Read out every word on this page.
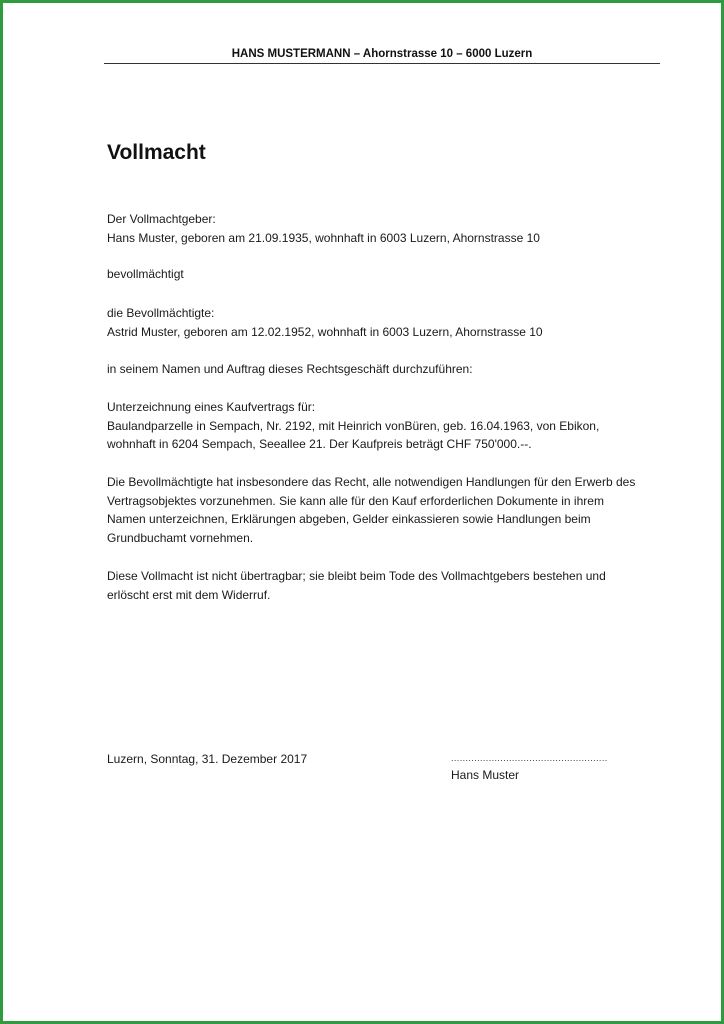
HANS MUSTERMANN – Ahornstrasse 10 – 6000 Luzern
Vollmacht
Der Vollmachtgeber:
Hans Muster, geboren am 21.09.1935, wohnhaft in 6003 Luzern, Ahornstrasse 10
bevollmächtigt
die Bevollmächtigte:
Astrid Muster, geboren am 12.02.1952, wohnhaft in 6003 Luzern, Ahornstrasse 10
in seinem Namen und Auftrag dieses Rechtsgeschäft durchzuführen:
Unterzeichnung eines Kaufvertrags für:
Baulandparzelle in Sempach, Nr. 2192, mit Heinrich vonBüren, geb. 16.04.1963, von Ebikon,
wohnhaft in 6204 Sempach, Seeallee 21. Der Kaufpreis beträgt CHF 750'000.--.
Die Bevollmächtigte hat insbesondere das Recht, alle notwendigen Handlungen für den Erwerb des
Vertragsobjektes vorzunehmen. Sie kann alle für den Kauf erforderlichen Dokumente in ihrem
Namen unterzeichnen, Erklärungen abgeben, Gelder einkassieren sowie Handlungen beim
Grundbuchamt vornehmen.
Diese Vollmacht ist nicht übertragbar; sie bleibt beim Tode des Vollmachtgebers bestehen und
erlöscht erst mit dem Widerruf.
Luzern, Sonntag, 31. Dezember 2017	......................................................
Hans Muster
